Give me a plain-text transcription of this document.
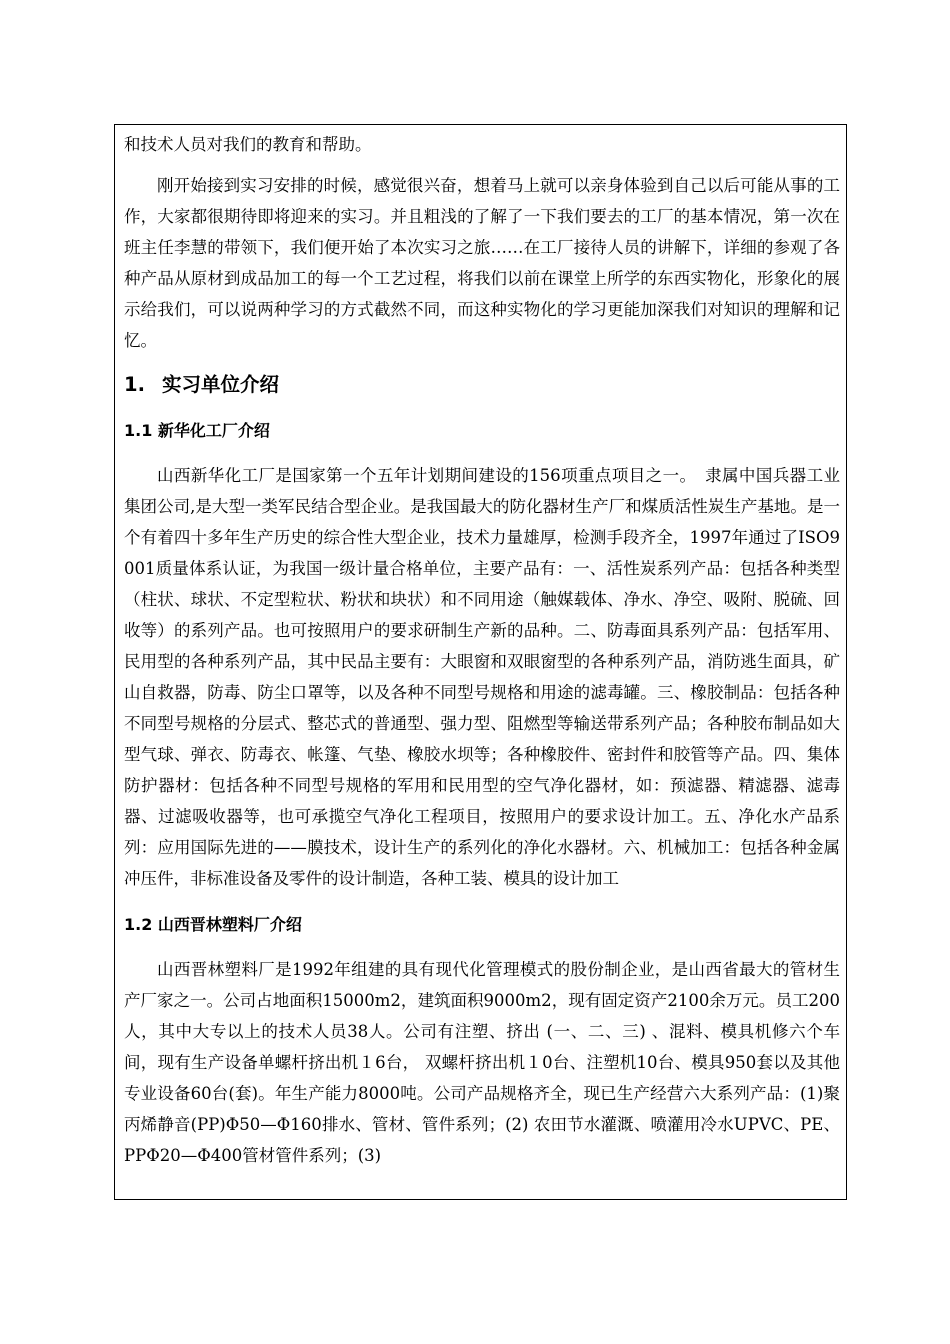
和技术人员对我们的教育和帮助。

刚开始接到实习安排的时候，感觉很兴奋，想着马上就可以亲身体验到自己以后可能从事的工作，大家都很期待即将迎来的实习。并且粗浅的了解了一下我们要去的工厂的基本情况，第一次在班主任李慧的带领下，我们便开始了本次实习之旅……在工厂接待人员的讲解下，详细的参观了各种产品从原材到成品加工的每一个工艺过程，将我们以前在课堂上所学的东西实物化，形象化的展示给我们，可以说两种学习的方式截然不同，而这种实物化的学习更能加深我们对知识的理解和记忆。

1. 实习单位介绍
1.1 新华化工厂介绍

山西新华化工厂是国家第一个五年计划期间建设的156项重点项目之一。　隶属中国兵器工业集团公司,是大型一类军民结合型企业。是我国最大的防化器材生产厂和煤质活性炭生产基地。是一个有着四十多年生产历史的综合性大型企业，技术力量雄厚，检测手段齐全，1997年通过了ISO9001质量体系认证，为我国一级计量合格单位，主要产品有：一、活性炭系列产品：包括各种类型（柱状、球状、不定型粒状、粉状和块状）和不同用途（触媒载体、净水、净空、吸附、脱硫、回收等）的系列产品。也可按照用户的要求研制生产新的品种。二、防毒面具系列产品：包括军用、民用型的各种系列产品，其中民品主要有：大眼窗和双眼窗型的各种系列产品，消防逃生面具，矿山自救器，防毒、防尘口罩等，以及各种不同型号规格和用途的滤毒罐。三、橡胶制品：包括各种不同型号规格的分层式、整芯式的普通型、强力型、阻燃型等输送带系列产品；各种胶布制品如大型气球、弹衣、防毒衣、帐篷、气垫、橡胶水坝等；各种橡胶件、密封件和胶管等产品。四、集体防护器材：包括各种不同型号规格的军用和民用型的空气净化器材，如：预滤器、精滤器、滤毒器、过滤吸收器等，也可承揽空气净化工程项目，按照用户的要求设计加工。五、净化水产品系列：应用国际先进的——膜技术，设计生产的系列化的净化水器材。六、机械加工：包括各种金属冲压件，非标准设备及零件的设计制造，各种工装、模具的设计加工

1.2 山西晋林塑料厂介绍

山西晋林塑料厂是1992年组建的具有现代化管理模式的股份制企业，是山西省最大的管材生产厂家之一。公司占地面积15000m2，建筑面积9000m2，现有固定资产2100余万元。员工200人，其中大专以上的技术人员38人。公司有注塑、挤出 (一、二、三) 、混料、模具机修六个车间，现有生产设备单螺杆挤出机１6台， 双螺杆挤出机１0台、注塑机10台、模具950套以及其他专业设备60台(套)。年生产能力8000吨。公司产品规格齐全，现已生产经营六大系列产品：(1)聚丙烯静音(PP)Φ50—Φ160排水、管材、管件系列；(2) 农田节水灌溉、喷灌用冷水UPVC、PE、PPΦ20—Φ400管材管件系列；(3)
